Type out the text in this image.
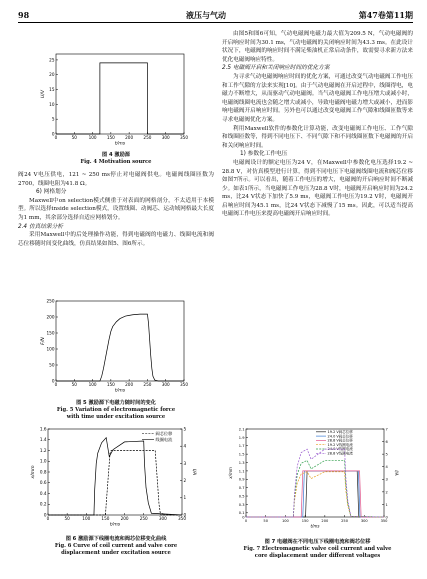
98	液压与气动	第47卷第11期
0	50	100 150 200 250 300 350
0
5
10
15
20
25
t/ms
U/V
图 4 激励源
Fig. 4 Motivation source

阀24 V电压供电，121 ~ 250 ms停止对电磁阀供电。电磁阀线圈匝数为2700，线圈电阻为41.8 Ω。

6) 网格划分

Maxwell中on selection模式侧重于对表面的网格剖分，不太适用于本模型。所以选择inside selection模式，设置线圈、动阀芯、运动域网格最大长度为1 mm，其余部分选择自适应网格划分。

2.4 仿真结果分析

采用Maxwell中的后处理操作功能，得到电磁阀的电磁力、线圈电流和阀芯位移随时间变化曲线，仿真结果如图5、图6所示。

0	50	100 150 200 250 300 350
0
50
100
150
200
250
t/ms
F/N
图 5 激励源下电磁力随时间的变化
Fig. 5 Variation of electromagnetic force
with time under excitation source
0	50	100	150	200	250	300	350
0
0.2
0.4
0.6
0.8
1.0
1.2
1.4
1.6
t/ms
x/mm
0
1
2
3
4
5
I/A
阀芯位移
线圈电流
图 6 激励源下线圈电流和阀芯位移变化曲线
Fig. 6 Curve of coil current and valve core
displacement under excitation source

由图5和图6可知，气动电磁阀电磁力最大值为209.5 N，气动电磁阀的开启响应时间为30.1 ms，气动电磁阀的关闭响应时间为43.3 ms。在此设计状况下，电磁阀的响应时间不满足柴油机正常启动条件，故需要寻求新方法来优化电磁阀响应特性。

2.5 电磁阀开启和关闭响应时间的优化方案

为寻求气动电磁阀响应时间的优化方案，可通过改变气动电磁阀工作电压和工作气隙的方法来实现[10]。由于气动电磁阀在开启过程中，线圈得电，电磁力不断增大，从而驱动气动电磁阀。当气动电磁阀工作电压增大或减小时，电磁阀线圈电流也会随之增大或减小，导致电磁阀电磁力增大或减小，进而影响电磁阀开启响应时间。另外也可以通过改变电磁阀工作气隙和线圈匝数等来寻求电磁阀优化方案。

利用Maxwell软件的参数化计算功能，改变电磁阀工作电压、工作气隙和线圈匝数等，得到不同电压下、不同气隙下和不同线圈匝数下电磁阀的开启和关闭响应时间。

1) 参数化工作电压

电磁阀设计的额定电压为24 V，在Maxwell中参数化电压选择19.2 ~ 28.8 V，对仿真模型进行计算，得到不同电压下电磁阀线圈电流和阀芯位移如图7所示。可以看出，随着工作电压的增大，电磁阀的开启响应时间不断减少。如表1所示，当电磁阀工作电压为28.8 V时，电磁阀开启响应时间为24.2 ms，比24 V状态下加快了5.9 ms，电磁阀工作电压为19.2 V时，电磁阀开启响应时间为45.1 ms，比24 V状态下减慢了15 ms。因此，可以适当提高电磁阀工作电压来提高电磁阀开启响应时间。

0	50	100	150	200	250	300	350
0
0.1
0.3
0.5
0.7
0.9
1.1
1.3
1.5
1.7
1.9
2.1
t/ms
x/mm
0
1
2
3
4
5
6
7
I/A
19.2 V阀芯位移
24.0 V阀芯位移
28.8 V阀芯位移
19.2 V线圈电流
24.0 V线圈电流
28.8 V线圈电流
图 7 电磁阀在不同电压下线圈电流和阀芯位移
Fig. 7 Electromagnetic valve coil current and valve
core displacement under different voltages
